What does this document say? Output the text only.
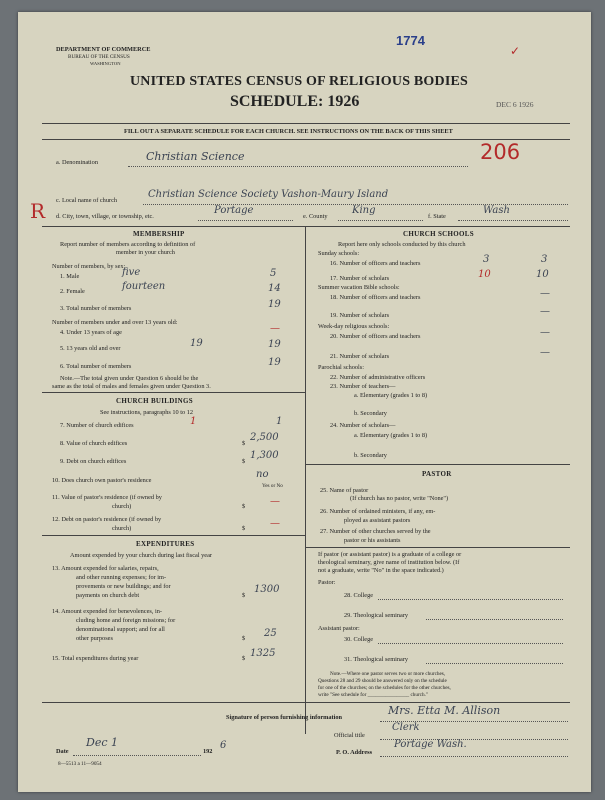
DEPARTMENT OF COMMERCE
BUREAU OF THE CENSUS
WASHINGTON
1774
✓
UNITED STATES CENSUS OF RELIGIOUS BODIES
SCHEDULE: 1926	DEC 6 1926
FILL OUT A SEPARATE SCHEDULE FOR EACH CHURCH. SEE INSTRUCTIONS ON THE BACK OF THIS SHEET
a. Denomination	Christian Science	206
R c. Local name of church
Christian Science Society Vashon-Maury Island
d. City, town, village, or township, etc.
Portage
e. County
King
f. State
Wash
MEMBERSHIP
Report number of members according to definition of
member in your church
Number of members, by sex:
1. Male	five	5
2. Female	fourteen	14
3. Total number of members	19
Number of members under and over 13 years old:
4. Under 13 years of age	—
5. 13 years old and over	19	19
6. Total number of members	19
Note.—The total given under Question 6 should be the
same as the total of males and females given under Question 3.
CHURCH BUILDINGS
See instructions, paragraphs 10 to 12
7. Number of church edifices	1	1
8. Value of church edifices	$
2,500
9. Debt on church edifices	$
1,300
10. Does church own pastor's residence
no
Yes or No
11. Value of pastor's residence (if owned by
church)	$ —
12. Debt on pastor's residence (if owned by
church)	$ —
EXPENDITURES
Amount expended by your church during last fiscal year
13. Amount expended for salaries, repairs,
and other running expenses; for im-
provements or new buildings; and for
payments on church debt	$
1300
14. Amount expended for benevolences, in-
cluding home and foreign missions; for
denominational support; and for all
other purposes	$ 25
15. Total expenditures during year	$ 1325
CHURCH SCHOOLS
Report here only schools conducted by this church
Sunday schools:
16. Number of officers and teachers	3	3
17. Number of scholars	10	10
Summer vacation Bible schools:
18. Number of officers and teachers	—
19. Number of scholars	—
Week-day religious schools:
20. Number of officers and teachers	—
21. Number of scholars	—
Parochial schools:
22. Number of administrative officers
23. Number of teachers—
a. Elementary (grades 1 to 8)
b. Secondary
24. Number of scholars—
a. Elementary (grades 1 to 8)
b. Secondary
PASTOR
25. Name of pastor
(If church has no pastor, write "None")
26. Number of ordained ministers, if any, em-
ployed as assistant pastors
27. Number of other churches served by the
pastor or his assistants
If pastor (or assistant pastor) is a graduate of a college or
theological seminary, give name of institution below. (If
not a graduate, write "No" in the space indicated.)
Pastor:
28. College
29. Theological seminary
Assistant pastor:
30. College
31. Theological seminary
Note.—Where one pastor serves two or more churches,
Questions 28 and 29 should be answered only on the schedule
for one of the churches; on the schedules for the other churches,
write "See schedule for ________________ church."
Signature of person furnishing information
Mrs. Etta M. Allison
Official title
Clerk
Date
Dec 1
192
6
P. O. Address
Portage Wash.
8—5513 a 11—9054
